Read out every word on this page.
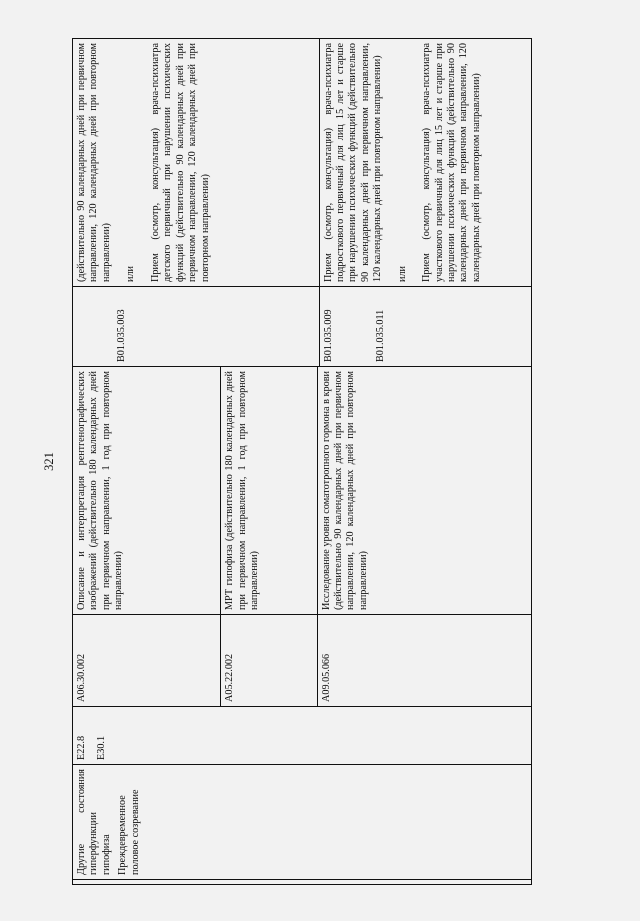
321

	Другие состояния гиперфункции гипофиза Преждевременное половое созревание	E22.8 E30.1	A06.30.002	Описание и интерпретация рентгенографических изображений (действительно 180 календарных дней при первичном направлении, 1 год при повторном направлении)	B01.035.003	(действительно 90 календарных дней при первичном направлении, 120 календарных дней при повторном направлении) или Прием (осмотр, консультация) врача-психиатра детского первичный при нарушении психических функций (действительно 90 календарных дней при первичном направлении, 120 календарных дней при повторном направлении)

			A05.22.002	МРТ гипофиза (действительно 180 календарных дней при первичном направлении, 1 год при повторном направлении)		
			A09.05.066	Исследование уровня соматотропного гормона в крови (действительно 90 календарных дней при первичном направлении, 120 календарных дней при повторном направлении)		
					B01.035.009 B01.035.011	Прием (осмотр, консультация) врача-психиатра подросткового первичный для лиц 15 лет и старше при нарушении психических функций (действительно 90 календарных дней при первичном направлении, 120 календарных дней при повторном направлении) или Прием (осмотр, консультация) врача-психиатра участкового первичный для лиц 15 лет и старше при нарушении психических функций (действительно 90 календарных дней при первичном направлении, 120 календарных дней при повторном направлении)
